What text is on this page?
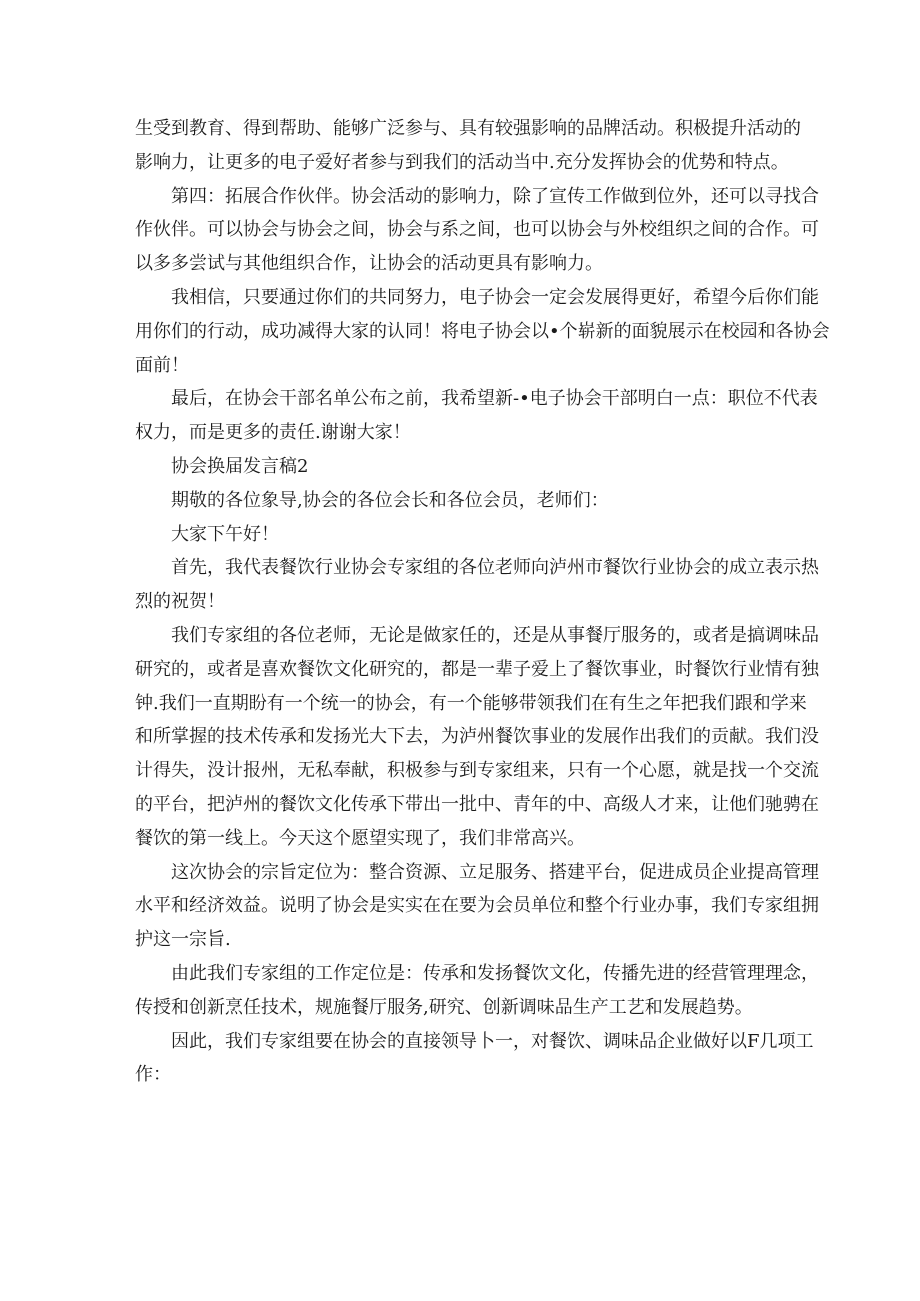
生受到教育、得到帮助、能够广泛参与、具有较强影响的品牌活动。积极提升活动的
影响力，让更多的电子爱好者参与到我们的活动当中.充分发挥协会的优势和特点。

第四：拓展合作伙伴。协会活动的影响力，除了宣传工作做到位外，还可以寻找合
作伙伴。可以协会与协会之间，协会与系之间，也可以协会与外校组织之间的合作。可
以多多尝试与其他组织合作，让协会的活动更具有影响力。

我相信，只要通过你们的共同努力，电子协会一定会发展得更好，希望今后你们能
用你们的行动，成功减得大家的认同！将电子协会以•个崭新的面貌展示在校园和各协会
面前！

最后，在协会干部名单公布之前，我希望新-•电子协会干部明白一点：职位不代表
权力，而是更多的责任.谢谢大家！

协会换届发言稿2

期敬的各位象导,协会的各位会长和各位会员，老师们：

大家下午好！

首先，我代表餐饮行业协会专家组的各位老师向泸州市餐饮行业协会的成立表示热
烈的祝贺！

我们专家组的各位老师，无论是做家任的，还是从事餐厅服务的，或者是搞调味品
研究的，或者是喜欢餐饮文化研究的，都是一辈子爱上了餐饮事业，时餐饮行业情有独
钟.我们一直期盼有一个统一的协会，有一个能够带领我们在有生之年把我们跟和学来
和所掌握的技术传承和发扬光大下去，为泸州餐饮事业的发展作出我们的贡献。我们没
计得失，没计报州，无私奉献，积极参与到专家组来，只有一个心愿，就是找一个交流
的平台，把泸州的餐饮文化传承下带出一批中、青年的中、高级人才来，让他们驰骋在
餐饮的第一线上。今天这个愿望实现了，我们非常高兴。

这次协会的宗旨定位为：整合资源、立足服务、搭建平台，促进成员企业提高管理
水平和经济效益。说明了协会是实实在在要为会员单位和整个行业办事，我们专家组拥
护这一宗旨.

由此我们专家组的工作定位是：传承和发扬餐饮文化，传播先进的经营管理理念，
传授和创新烹任技术，规施餐厅服务,研究、创新调味品生产工艺和发展趋势。

因此，我们专家组要在协会的直接领导卜一，对餐饮、调味品企业做好以F几项工
作：
